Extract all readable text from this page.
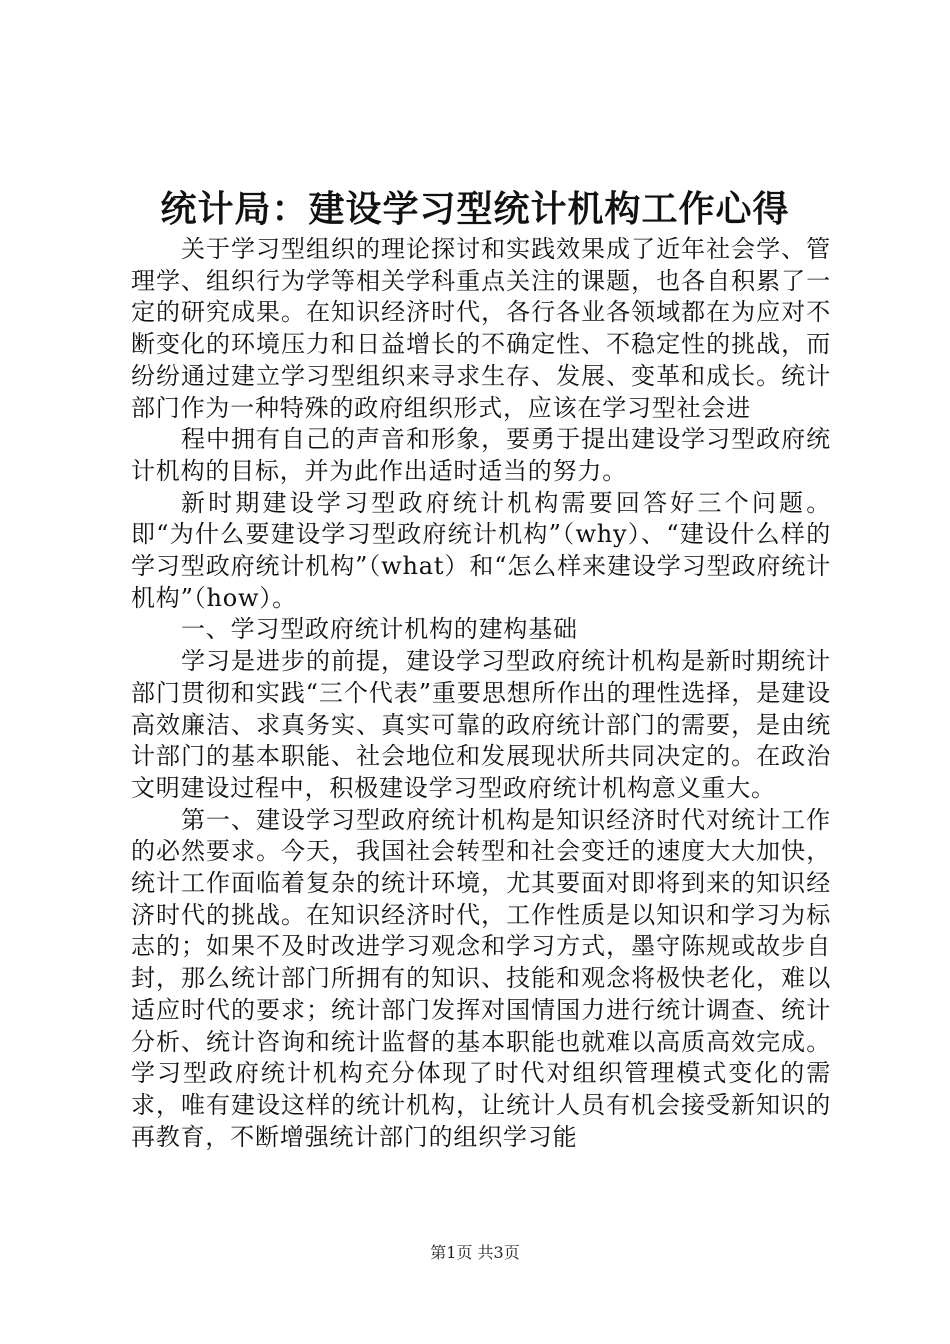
统计局：建设学习型统计机构工作心得

关于学习型组织的理论探讨和实践效果成了近年社会学、管理学、组织行为学等相关学科重点关注的课题，也各自积累了一定的研究成果。在知识经济时代，各行各业各领域都在为应对不断变化的环境压力和日益增长的不确定性、不稳定性的挑战，而纷纷通过建立学习型组织来寻求生存、发展、变革和成长。统计部门作为一种特殊的政府组织形式，应该在学习型社会进

程中拥有自己的声音和形象，要勇于提出建设学习型政府统计机构的目标，并为此作出适时适当的努力。

新时期建设学习型政府统计机构需要回答好三个问题。即“为什么要建设学习型政府统计机构”（why）、“建设什么样的学习型政府统计机构”（what）和“怎么样来建设学习型政府统计机构”（how）。

一、学习型政府统计机构的建构基础

学习是进步的前提，建设学习型政府统计机构是新时期统计部门贯彻和实践“三个代表”重要思想所作出的理性选择，是建设高效廉洁、求真务实、真实可靠的政府统计部门的需要，是由统计部门的基本职能、社会地位和发展现状所共同决定的。在政治文明建设过程中，积极建设学习型政府统计机构意义重大。

第一、建设学习型政府统计机构是知识经济时代对统计工作的必然要求。今天，我国社会转型和社会变迁的速度大大加快，统计工作面临着复杂的统计环境，尤其要面对即将到来的知识经济时代的挑战。在知识经济时代，工作性质是以知识和学习为标志的；如果不及时改进学习观念和学习方式，墨守陈规或故步自封，那么统计部门所拥有的知识、技能和观念将极快老化，难以适应时代的要求；统计部门发挥对国情国力进行统计调查、统计分析、统计咨询和统计监督的基本职能也就难以高质高效完成。学习型政府统计机构充分体现了时代对组织管理模式变化的需求，唯有建设这样的统计机构，让统计人员有机会接受新知识的再教育，不断增强统计部门的组织学习能

第1页 共3页
